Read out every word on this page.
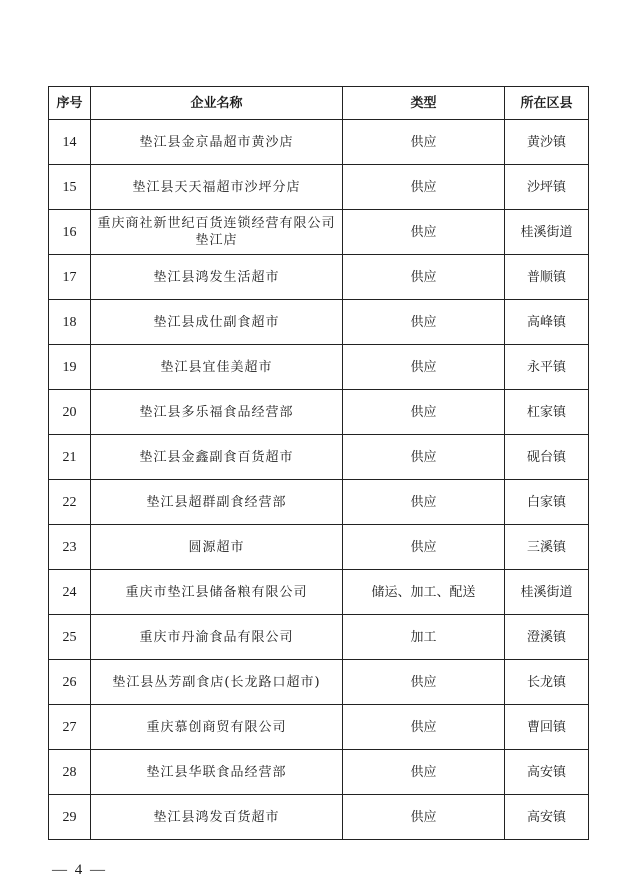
序号	企业名称	类型	所在区县
14	垫江县金京晶超市黄沙店	供应	黄沙镇
15	垫江县天天福超市沙坪分店	供应	沙坪镇
16	重庆商社新世纪百货连锁经营有限公司垫江店	供应	桂溪街道
17	垫江县鸿发生活超市	供应	普顺镇
18	垫江县成仕副食超市	供应	高峰镇
19	垫江县宜佳美超市	供应	永平镇
20	垫江县多乐福食品经营部	供应	杠家镇
21	垫江县金鑫副食百货超市	供应	砚台镇
22	垫江县超群副食经营部	供应	白家镇
23	圆源超市	供应	三溪镇
24	重庆市垫江县储备粮有限公司	储运、加工、配送	桂溪街道
25	重庆市丹渝食品有限公司	加工	澄溪镇
26	垫江县丛芳副食店(长龙路口超市)	供应	长龙镇
27	重庆慕创商贸有限公司	供应	曹回镇
28	垫江县华联食品经营部	供应	高安镇
29	垫江县鸿发百货超市	供应	高安镇
— 4 —
